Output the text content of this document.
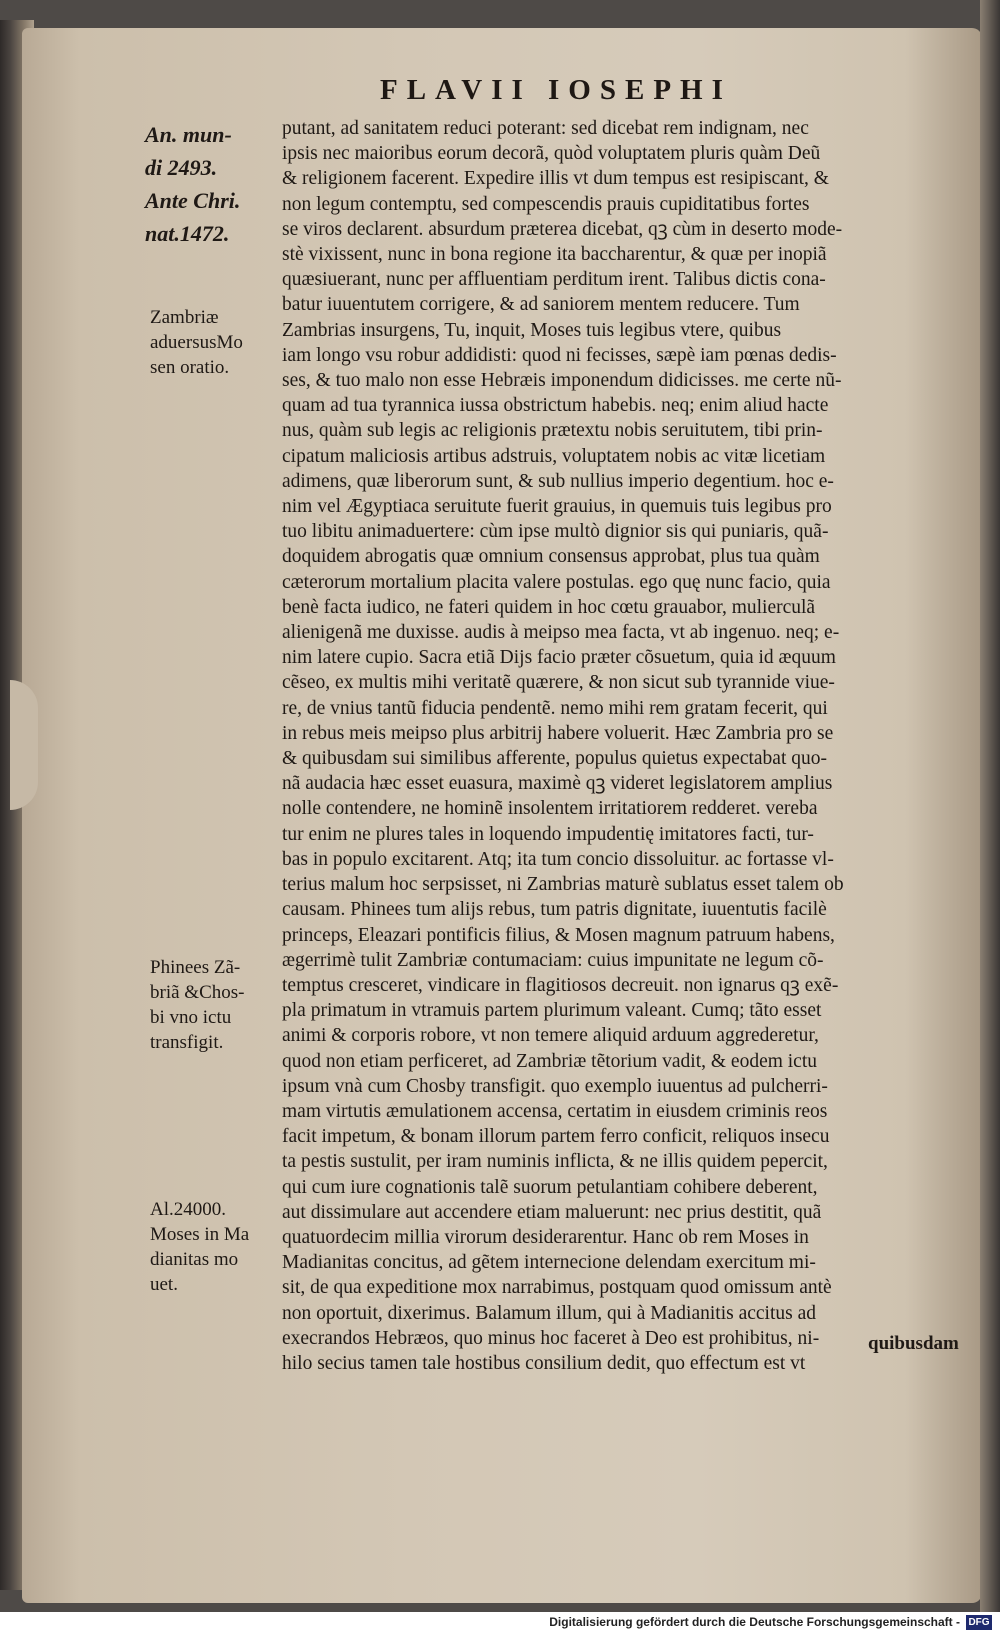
FLAVII IOSEPHI
An. mun-
di 2493.
Ante Chri.
nat.1472.
Zambriæ
aduersusMo
sen oratio.
Phinees Zã-
briã &Chos-
bi vno ictu
transfigit.
Al.24000.
Moses in Ma
dianitas mo
uet.
putant, ad sanitatem reduci poterant: sed dicebat rem indignam, nec
ipsis nec maioribus eorum decorã, quòd voluptatem pluris quàm Deũ
& religionem facerent. Expedire illis vt dum tempus est resipiscant, &
non legum contemptu, sed compescendis prauis cupiditatibus fortes
se viros declarent. absurdum præterea dicebat, qꝫ cùm in deserto mode-
stè vixissent, nunc in bona regione ita baccharentur, & quæ per inopiã
quæsiuerant, nunc per affluentiam perditum irent. Talibus dictis cona-
batur iuuentutem corrigere, & ad saniorem mentem reducere. Tum
Zambrias insurgens, Tu, inquit, Moses tuis legibus vtere, quibus
iam longo vsu robur addidisti: quod ni fecisses, sæpè iam pœnas dedis-
ses, & tuo malo non esse Hebræis imponendum didicisses. me certe nũ-
quam ad tua tyrannica iussa obstrictum habebis. neq; enim aliud hacte
nus, quàm sub legis ac religionis prætextu nobis seruitutem, tibi prin-
cipatum maliciosis artibus adstruis, voluptatem nobis ac vitæ licetiam
adimens, quæ liberorum sunt, & sub nullius imperio degentium. hoc e-
nim vel Ægyptiaca seruitute fuerit grauius, in quemuis tuis legibus pro
tuo libitu animaduertere: cùm ipse multò dignior sis qui puniaris, quã-
doquidem abrogatis quæ omnium consensus approbat, plus tua quàm
cæterorum mortalium placita valere postulas. ego quę nunc facio, quia
benè facta iudico, ne fateri quidem in hoc cœtu grauabor, mulierculã
alienigenã me duxisse. audis à meipso mea facta, vt ab ingenuo. neq; e-
nim latere cupio. Sacra etiã Dijs facio præter cõsuetum, quia id æquum
cẽseo, ex multis mihi veritatẽ quærere, & non sicut sub tyrannide viue-
re, de vnius tantũ fiducia pendentẽ. nemo mihi rem gratam fecerit, qui
in rebus meis meipso plus arbitrij habere voluerit. Hæc Zambria pro se
& quibusdam sui similibus afferente, populus quietus expectabat quo-
nã audacia hæc esset euasura, maximè qꝫ videret legislatorem amplius
nolle contendere, ne hominẽ insolentem irritatiorem redderet. vereba
tur enim ne plures tales in loquendo impudentię imitatores facti, tur-
bas in populo excitarent. Atq; ita tum concio dissoluitur. ac fortasse vl-
terius malum hoc serpsisset, ni Zambrias maturè sublatus esset talem ob
causam. Phinees tum alijs rebus, tum patris dignitate, iuuentutis facilè
princeps, Eleazari pontificis filius, & Mosen magnum patruum habens,
ægerrimè tulit Zambriæ contumaciam: cuius impunitate ne legum cõ-
temptus cresceret, vindicare in flagitiosos decreuit. non ignarus qꝫ exẽ-
pla primatum in vtramuis partem plurimum valeant. Cumq; tãto esset
animi & corporis robore, vt non temere aliquid arduum aggrederetur,
quod non etiam perficeret, ad Zambriæ tẽtorium vadit, & eodem ictu
ipsum vnà cum Chosby transfigit. quo exemplo iuuentus ad pulcherri-
mam virtutis æmulationem accensa, certatim in eiusdem criminis reos
facit impetum, & bonam illorum partem ferro conficit, reliquos insecu
ta pestis sustulit, per iram numinis inflicta, & ne illis quidem pepercit,
qui cum iure cognationis talẽ suorum petulantiam cohibere deberent,
aut dissimulare aut accendere etiam maluerunt: nec prius destitit, quã
quatuordecim millia virorum desiderarentur. Hanc ob rem Moses in
Madianitas concitus, ad gẽtem internecione delendam exercitum mi-
sit, de qua expeditione mox narrabimus, postquam quod omissum antè
non oportuit, dixerimus. Balamum illum, qui à Madianitis accitus ad
execrandos Hebræos, quo minus hoc faceret à Deo est prohibitus, ni-
hilo secius tamen tale hostibus consilium dedit, quo effectum est vt
quibusdam
Digitalisierung gefördert durch die Deutsche Forschungsgemeinschaft - DFG
